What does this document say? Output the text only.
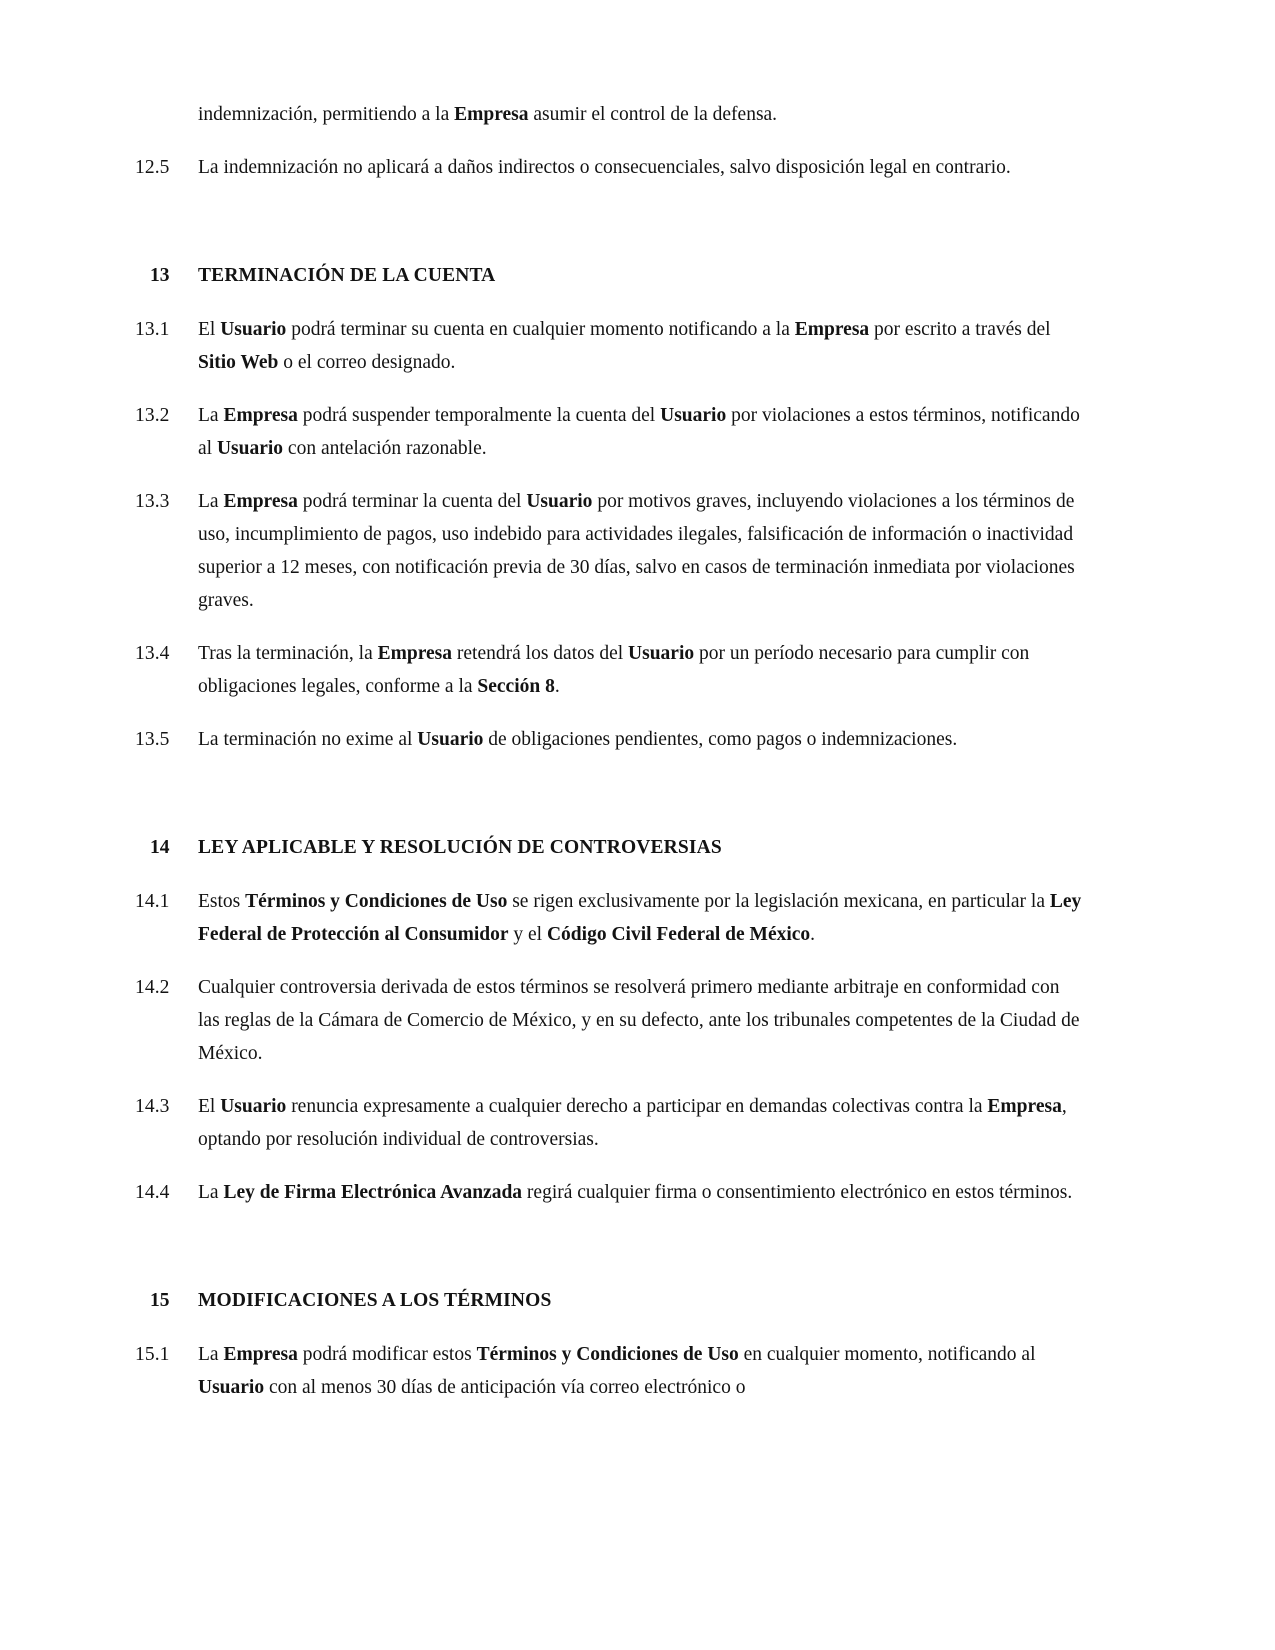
indemnización, permitiendo a la Empresa asumir el control de la defensa.
12.5	La indemnización no aplicará a daños indirectos o consecuenciales, salvo disposición legal en contrario.
13	TERMINACIÓN DE LA CUENTA
13.1	El Usuario podrá terminar su cuenta en cualquier momento notificando a la Empresa por escrito a través del Sitio Web o el correo designado.
13.2	La Empresa podrá suspender temporalmente la cuenta del Usuario por violaciones a estos términos, notificando al Usuario con antelación razonable.
13.3	La Empresa podrá terminar la cuenta del Usuario por motivos graves, incluyendo violaciones a los términos de uso, incumplimiento de pagos, uso indebido para actividades ilegales, falsificación de información o inactividad superior a 12 meses, con notificación previa de 30 días, salvo en casos de terminación inmediata por violaciones graves.
13.4	Tras la terminación, la Empresa retendrá los datos del Usuario por un período necesario para cumplir con obligaciones legales, conforme a la Sección 8.
13.5	La terminación no exime al Usuario de obligaciones pendientes, como pagos o indemnizaciones.
14	LEY APLICABLE Y RESOLUCIÓN DE CONTROVERSIAS
14.1	Estos Términos y Condiciones de Uso se rigen exclusivamente por la legislación mexicana, en particular la Ley Federal de Protección al Consumidor y el Código Civil Federal de México.
14.2	Cualquier controversia derivada de estos términos se resolverá primero mediante arbitraje en conformidad con las reglas de la Cámara de Comercio de México, y en su defecto, ante los tribunales competentes de la Ciudad de México.
14.3	El Usuario renuncia expresamente a cualquier derecho a participar en demandas colectivas contra la Empresa, optando por resolución individual de controversias.
14.4	La Ley de Firma Electrónica Avanzada regirá cualquier firma o consentimiento electrónico en estos términos.
15	MODIFICACIONES A LOS TÉRMINOS
15.1	La Empresa podrá modificar estos Términos y Condiciones de Uso en cualquier momento, notificando al Usuario con al menos 30 días de anticipación vía correo electrónico o
